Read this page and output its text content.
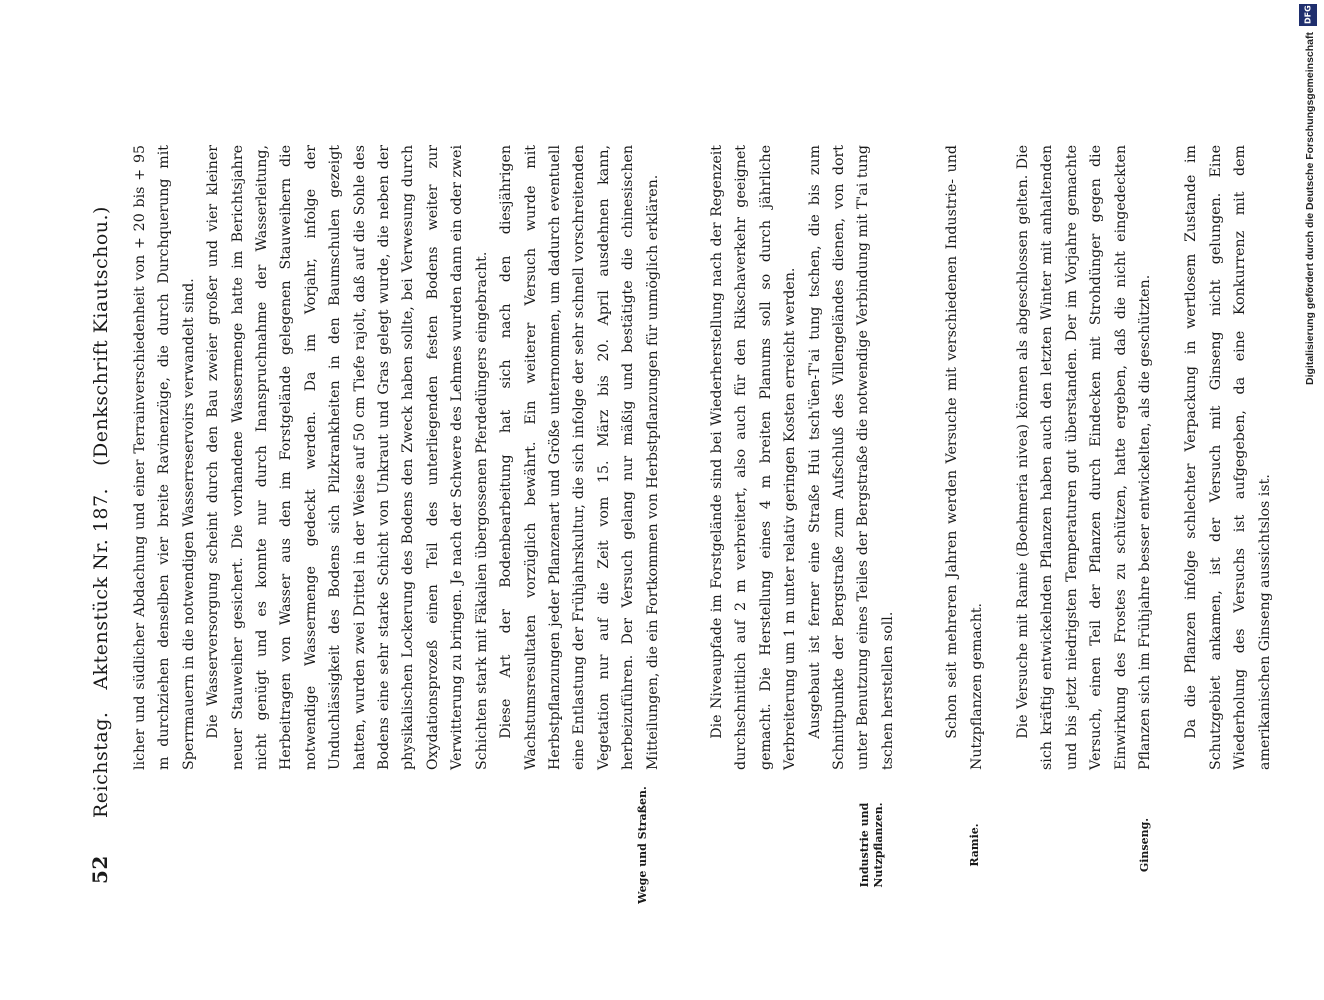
52
Reichstag.
Aktenstück Nr. 187.
(Denkschrift Kiautschou.)
Wege und Straßen.	Industrie und Nutzpflanzen.	Ramie.	Ginseng.

licher und südlicher Abdachung und einer Terrainverschiedenheit von + 20 bis + 95 m durchziehen denselben vier breite Ravinenzüge, die durch Durchquerung mit Sperrmauern in die notwendigen Wasserreservoirs verwandelt sind. Die Wasserversorgung scheint durch den Bau zweier großer und vier kleiner neuer Stauweiher gesichert. Die vorhandene Wassermenge hatte im Berichtsjahre nicht genügt und es konnte nur durch Inanspruchnahme der Wasserleitung, Herbeitragen von Wasser aus den im Forstgelände gelegenen Stauweihern die notwendige Wassermenge gedeckt werden. Da im Vorjahr, infolge der Unduchlässigkeit des Bodens sich Pilzkrankheiten in den Baumschulen gezeigt hatten, wurden zwei Drittel in der Weise auf 50 cm Tiefe rajolt, daß auf die Sohle des Bodens eine sehr starke Schicht von Unkraut und Gras gelegt wurde, die neben der physikalischen Lockerung des Bodens den Zweck haben sollte, bei Verwesung durch Oxydationsprozeß einen Teil des unterliegenden festen Bodens weiter zur Verwitterung zu bringen. Je nach der Schwere des Lehmes wurden dann ein oder zwei Schichten stark mit Fäkalien übergossenen Pferdedüngers eingebracht. Diese Art der Bodenbearbeitung hat sich nach den diesjährigen Wachstumsresultaten vorzüglich bewährt. Ein weiterer Versuch wurde mit Herbstpflanzungen jeder Pflanzenart und Größe unternommen, um dadurch eventuell eine Entlastung der Frühjahrskultur, die sich infolge der sehr schnell vorschreitenden Vegetation nur auf die Zeit vom 15. März bis 20. April ausdehnen kann, herbeizuführen. Der Versuch gelang nur mäßig und bestätigte die chinesischen Mitteilungen, die ein Fortkommen von Herbstpflanzungen für unmöglich erklären.	Die Niveaupfade im Forstgelände sind bei Wiederherstellung nach der Regenzeit durchschnittlich auf 2 m verbreitert, also auch für den Rikschaverkehr geeignet gemacht. Die Herstellung eines 4 m breiten Planums soll so durch jährliche Verbreiterung um 1 m unter relativ geringen Kosten erreicht werden. Ausgebaut ist ferner eine Straße Hui tsch'üen-T'ai tung tschen, die bis zum Schnittpunkte der Bergstraße zum Aufschluß des Villengeländes dienen, von dort unter Benutzung eines Teiles der Bergstraße die notwendige Verbindung mit T'ai tung tschen herstellen soll.	Schon seit mehreren Jahren werden Versuche mit verschiedenen Industrie- und Nutzpflanzen gemacht.	Die Versuche mit Ramie (Boehmeria nivea) können als abgeschlossen gelten. Die sich kräftig entwickelnden Pflanzen haben auch den letzten Winter mit anhaltenden und bis jetzt niedrigsten Temperaturen gut überstanden. Der im Vorjahre gemachte Versuch, einen Teil der Pflanzen durch Eindecken mit Strohdünger gegen die Einwirkung des Frostes zu schützen, hatte ergeben, daß die nicht eingedeckten Pflanzen sich im Frühjahre besser entwickelten, als die geschützten.	Da die Pflanzen infolge schlechter Verpackung in wertlosem Zustande im Schutzgebiet ankamen, ist der Versuch mit Ginseng nicht gelungen. Eine Wiederholung des Versuchs ist aufgegeben, da eine Konkurrenz mit dem amerikanischen Ginseng aussichtslos ist.

DFG
Digitalisierung gefördert durch die Deutsche Forschungsgemeinschaft
